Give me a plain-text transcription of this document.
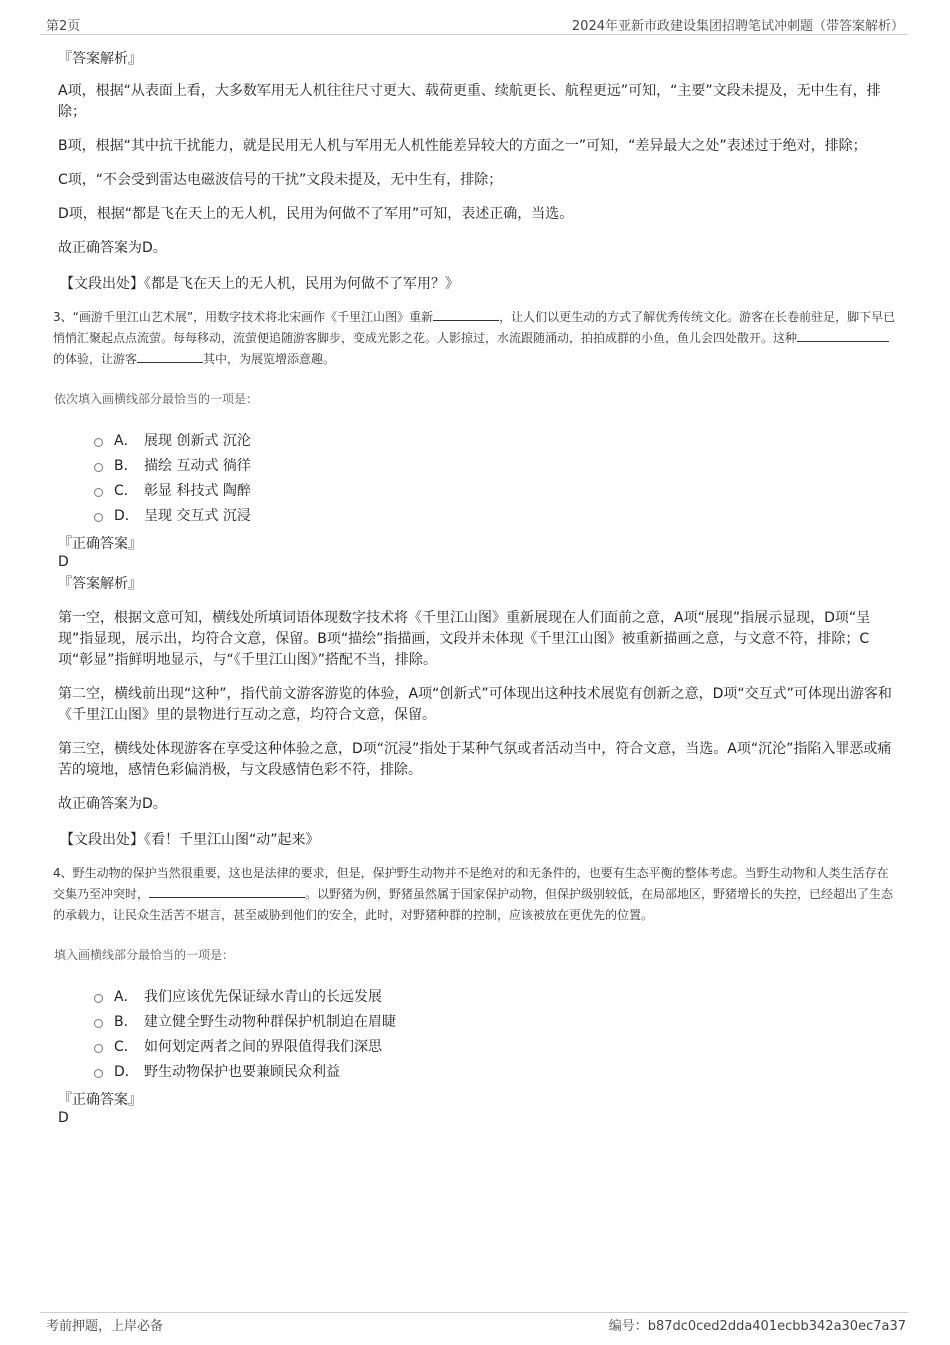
第2页	2024年亚新市政建设集团招聘笔试冲刺题（带答案解析）
『答案解析』
A项，根据“从表面上看，大多数军用无人机往往尺寸更大、载荷更重、续航更长、航程更远”可知，“主要”文段未提及，无中生有，排除；
B项，根据“其中抗干扰能力，就是民用无人机与军用无人机性能差异较大的方面之一”可知，“差异最大之处”表述过于绝对，排除；
C项，“不会受到雷达电磁波信号的干扰”文段未提及，无中生有，排除；
D项，根据“都是飞在天上的无人机，民用为何做不了军用”可知，表述正确，当选。
故正确答案为D。
【文段出处】《都是飞在天上的无人机，民用为何做不了军用？》
3、“画游千里江山艺术展”，用数字技术将北宋画作《千里江山图》重新	，让人们以更生动的方式了解优秀传统文化。游客在长卷前驻足，脚下早已悄悄汇聚起点点流萤。每每移动，流萤便追随游客脚步，变成光影之花。人影掠过，水流跟随涌动，拍拍成群的小鱼，鱼儿会四处散开。这种的体验，让游客	其中，为展览增添意趣。
依次填入画横线部分最恰当的一项是：
A． 展现 创新式 沉沦
B． 描绘 互动式 徜徉
C． 彰显 科技式 陶醉
D． 呈现 交互式 沉浸
『正确答案』
D
『答案解析』
第一空，根据文意可知，横线处所填词语体现数字技术将《千里江山图》重新展现在人们面前之意，A项“展现”指展示显现，D项“呈现”指显现，展示出，均符合文意，保留。B项“描绘”指描画，文段并未体现《千里江山图》被重新描画之意，与文意不符，排除；C项“彰显”指鲜明地显示，与“《千里江山图》”搭配不当，排除。
第二空，横线前出现“这种”，指代前文游客游览的体验，A项“创新式”可体现出这种技术展览有创新之意，D项“交互式”可体现出游客和《千里江山图》里的景物进行互动之意，均符合文意，保留。
第三空，横线处体现游客在享受这种体验之意，D项“沉浸”指处于某种气氛或者活动当中，符合文意，当选。A项“沉沦”指陷入罪恶或痛苦的境地，感情色彩偏消极，与文段感情色彩不符，排除。
故正确答案为D。
【文段出处】《看！千里江山图“动”起来》
4、野生动物的保护当然很重要，这也是法律的要求，但是，保护野生动物并不是绝对的和无条件的，也要有生态平衡的整体考虑。当野生动物和人类生活存在交集乃至冲突时，	。以野猪为例，野猪虽然属于国家保护动物，但保护级别较低，在局部地区，野猪增长的失控，已经超出了生态的承载力，让民众生活苦不堪言，甚至威胁到他们的安全，此时，对野猪种群的控制，应该被放在更优先的位置。
填入画横线部分最恰当的一项是：
A． 我们应该优先保证绿水青山的长远发展
B． 建立健全野生动物种群保护机制迫在眉睫
C． 如何划定两者之间的界限值得我们深思
D． 野生动物保护也要兼顾民众利益
『正确答案』
D
考前押题，上岸必备	编号：b87dc0ced2dda401ecbb342a30ec7a37
